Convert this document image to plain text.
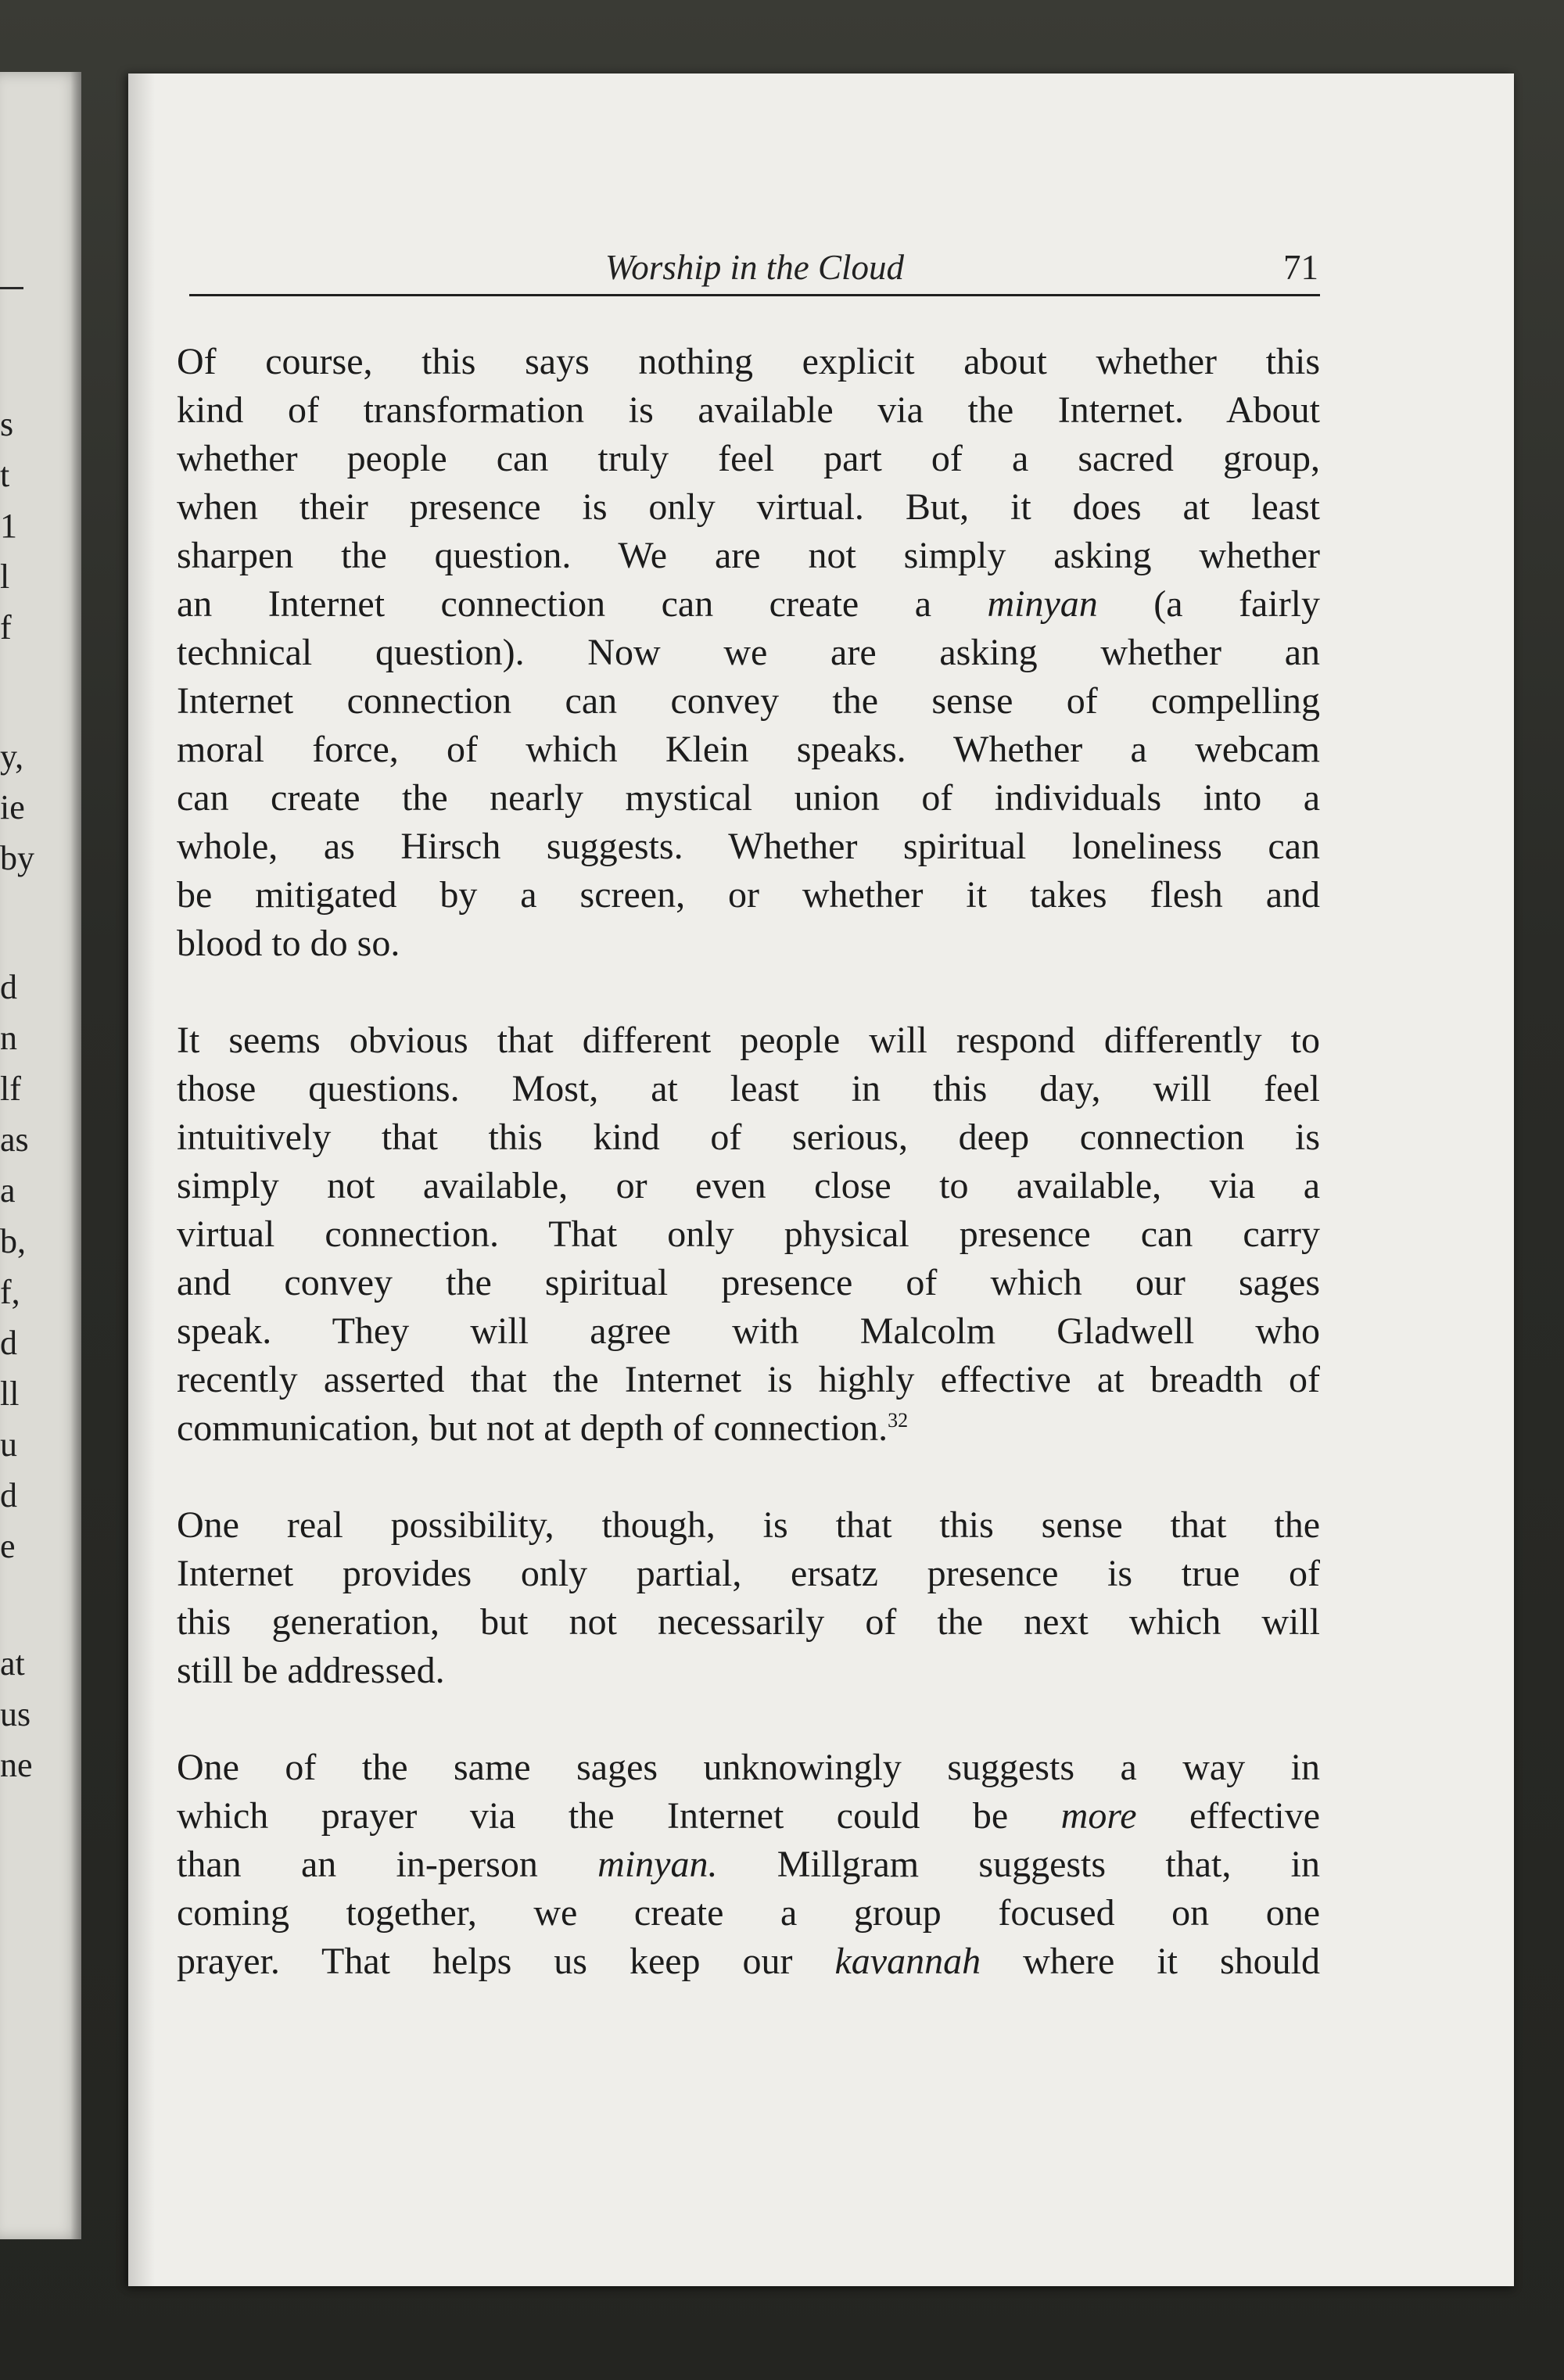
s
t
1
l
f
y,
ie
by
d
n
lf
as
a
b,
f,
d
ll
u
d
e
at
us
ne
Worship in the Cloud	71
Of course, this says nothing explicit about whether this
kind of transformation is available via the Internet. About
whether people can truly feel part of a sacred group,
when their presence is only virtual. But, it does at least
sharpen the question. We are not simply asking whether
an Internet connection can create a minyan (a fairly
technical question). Now we are asking whether an
Internet connection can convey the sense of compelling
moral force, of which Klein speaks. Whether a webcam
can create the nearly mystical union of individuals into a
whole, as Hirsch suggests. Whether spiritual loneliness can
be mitigated by a screen, or whether it takes flesh and
blood to do so.
It seems obvious that different people will respond differently to
those questions. Most, at least in this day, will feel
intuitively that this kind of serious, deep connection is
simply not available, or even close to available, via a
virtual connection. That only physical presence can carry
and convey the spiritual presence of which our sages
speak. They will agree with Malcolm Gladwell who
recently asserted that the Internet is highly effective at breadth of
communication, but not at depth of connection.$^{32}$
One real possibility, though, is that this sense that the
Internet provides only partial, ersatz presence is true of
this generation, but not necessarily of the next which will
still be addressed.
One of the same sages unknowingly suggests a way in
which prayer via the Internet could be more effective
than an in-person minyan. Millgram suggests that, in
coming together, we create a group focused on one
prayer. That helps us keep our kavannah where it should
